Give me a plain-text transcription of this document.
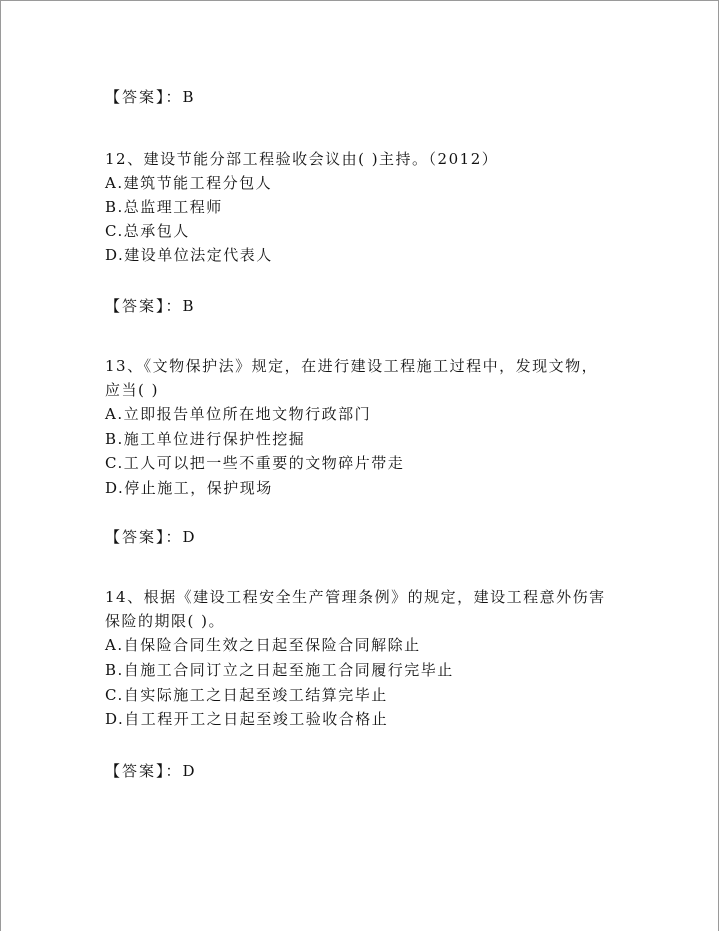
【答案】：B
12、建设节能分部工程验收会议由( )主持。（2012）
A.建筑节能工程分包人
B.总监理工程师
C.总承包人
D.建设单位法定代表人
【答案】：B
13、《文物保护法》规定，在进行建设工程施工过程中，发现文物，
应当( )
A.立即报告单位所在地文物行政部门
B.施工单位进行保护性挖掘
C.工人可以把一些不重要的文物碎片带走
D.停止施工，保护现场
【答案】：D
14、根据《建设工程安全生产管理条例》的规定，建设工程意外伤害
保险的期限( )。
A.自保险合同生效之日起至保险合同解除止
B.自施工合同订立之日起至施工合同履行完毕止
C.自实际施工之日起至竣工结算完毕止
D.自工程开工之日起至竣工验收合格止
【答案】：D
